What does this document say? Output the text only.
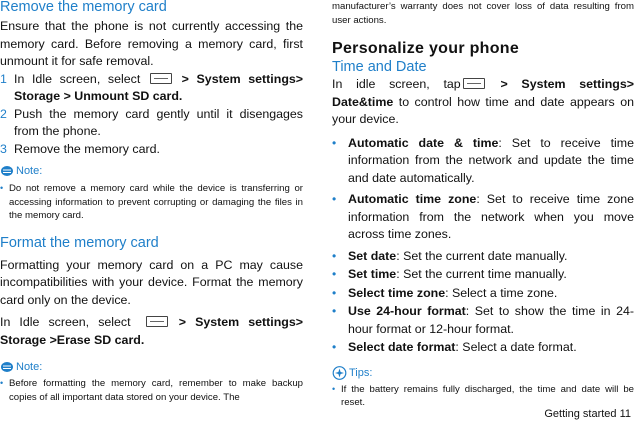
Remove the memory card

Ensure that the phone is not currently accessing the memory card. Before removing a memory card, first unmount it for safe removal.

1 In Idle screen, select	> System settings> Storage > Unmount SD card.
2 Push the memory card gently until it disengages from the phone.
3 Remove the memory card.
Note:
• Do not remove a memory card while the device is transferring or accessing information to prevent corrupting or damaging the files in the memory card.
Format the memory card

Formatting your memory card on a PC may cause incompatibilities with your device. Format the memory card only on the device.

In Idle screen, select	> System settings> Storage >Erase SD card.

Note:
• Before formatting the memory card, remember to make backup copies of all important data stored on your device. The

manufacturer’s warranty does not cover loss of data resulting from user actions.

Personalize your phone
Time and Date

In idle screen, tap	> System settings> Date&time to control how time and date appears on your device.

• Automatic date & time: Set to receive time information from the network and update the time and date automatically.
• Automatic time zone: Set to receive time zone information from the network when you move across time zones.
• Set date: Set the current date manually.
• Set time: Set the current time manually.
• Select time zone: Select a time zone.
• Use 24-hour format: Set to show the time in 24-hour format or 12-hour format.
• Select date format: Select a date format.
Tips:
• If the battery remains fully discharged, the time and date will be reset.
Getting started 11
